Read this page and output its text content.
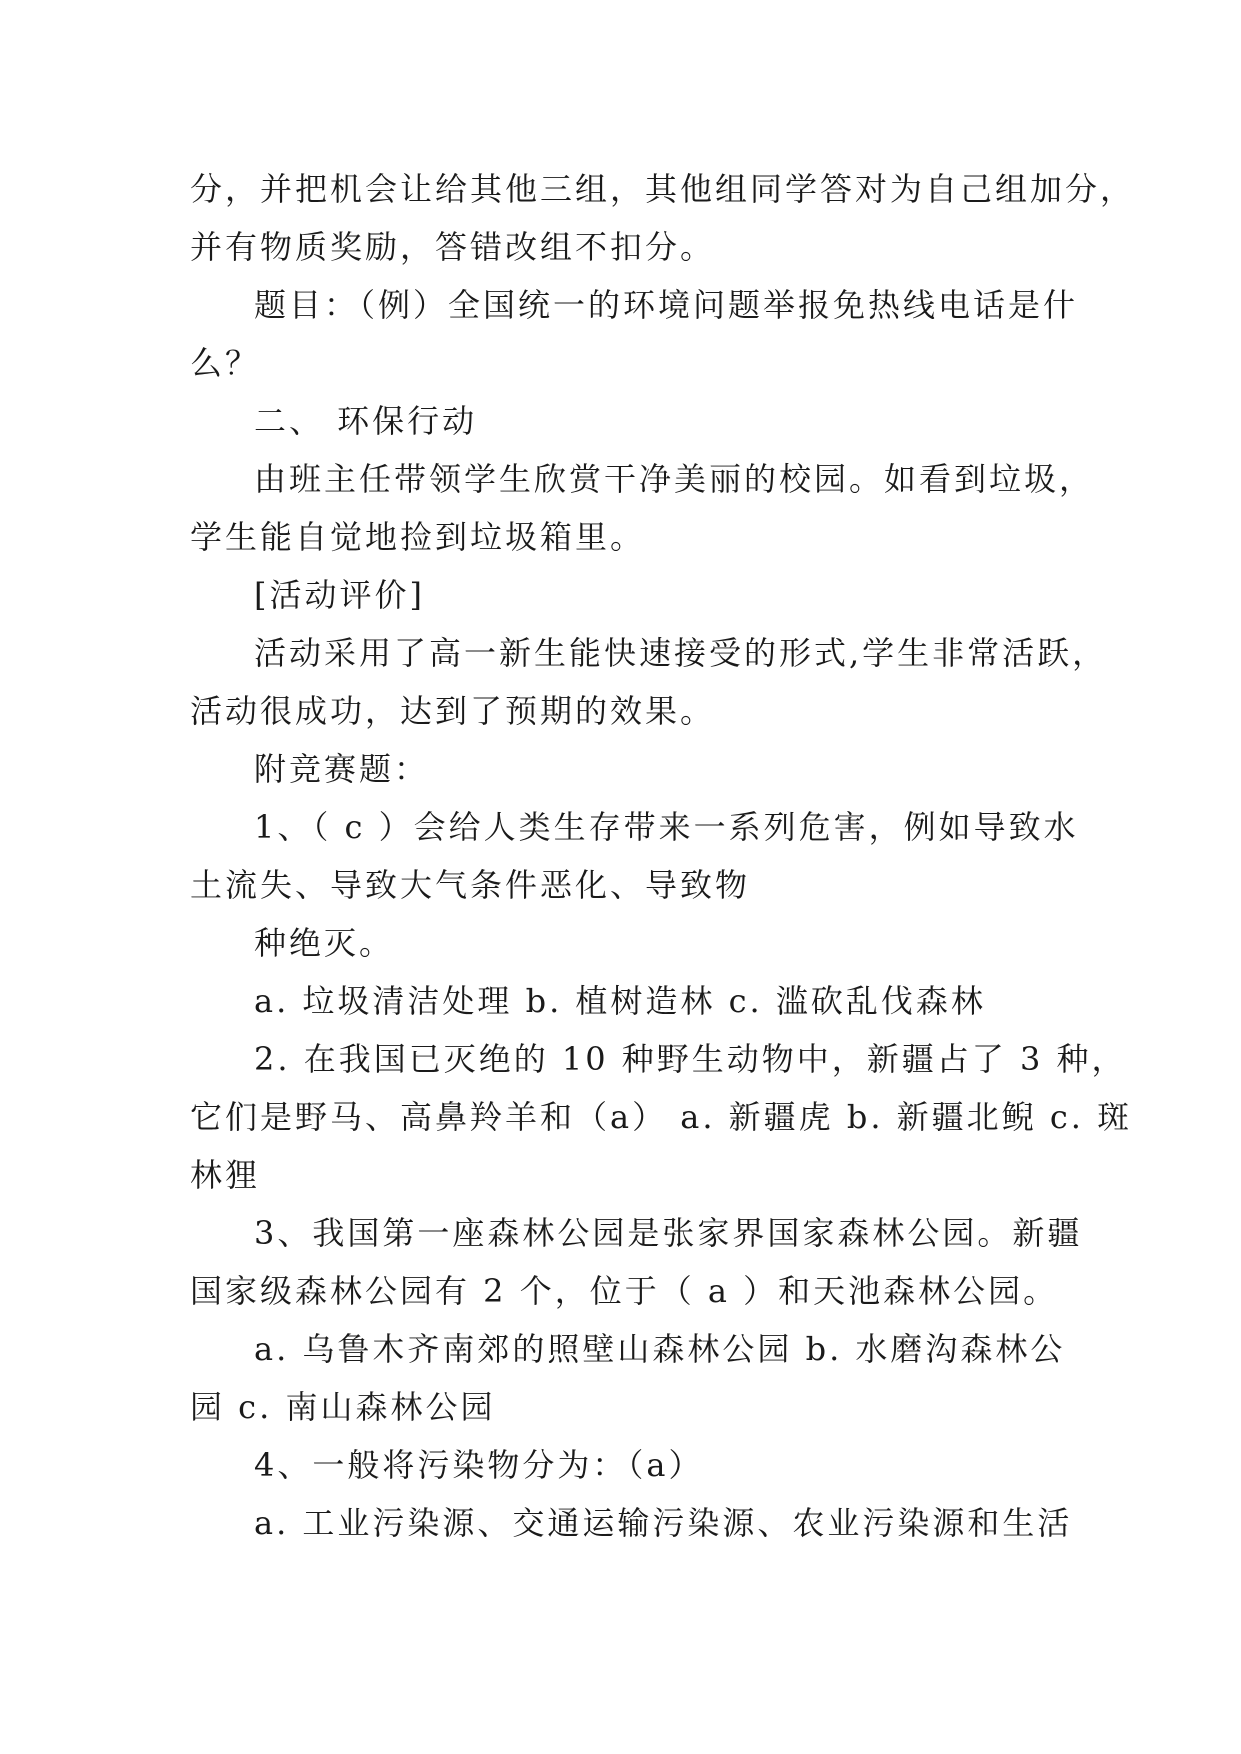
分，并把机会让给其他三组，其他组同学答对为自己组加分，
并有物质奖励，答错改组不扣分。
题目：（例）全国统一的环境问题举报免热线电话是什
么？
二、 环保行动
由班主任带领学生欣赏干净美丽的校园。如看到垃圾，
学生能自觉地捡到垃圾箱里。
[活动评价]
活动采用了高一新生能快速接受的形式,学生非常活跃，
活动很成功，达到了预期的效果。
附竞赛题：
1、（ c ）会给人类生存带来一系列危害，例如导致水
土流失、导致大气条件恶化、导致物
种绝灭。
a. 垃圾清洁处理 b. 植树造林 c. 滥砍乱伐森林
2. 在我国已灭绝的 10 种野生动物中，新疆占了 3 种，
它们是野马、高鼻羚羊和（a） a. 新疆虎 b. 新疆北鲵 c. 斑
林狸
3、我国第一座森林公园是张家界国家森林公园。新疆
国家级森林公园有 2 个，位于（ a ）和天池森林公园。
a. 乌鲁木齐南郊的照壁山森林公园 b. 水磨沟森林公
园 c. 南山森林公园
4、一般将污染物分为：（a）
a. 工业污染源、交通运输污染源、农业污染源和生活
